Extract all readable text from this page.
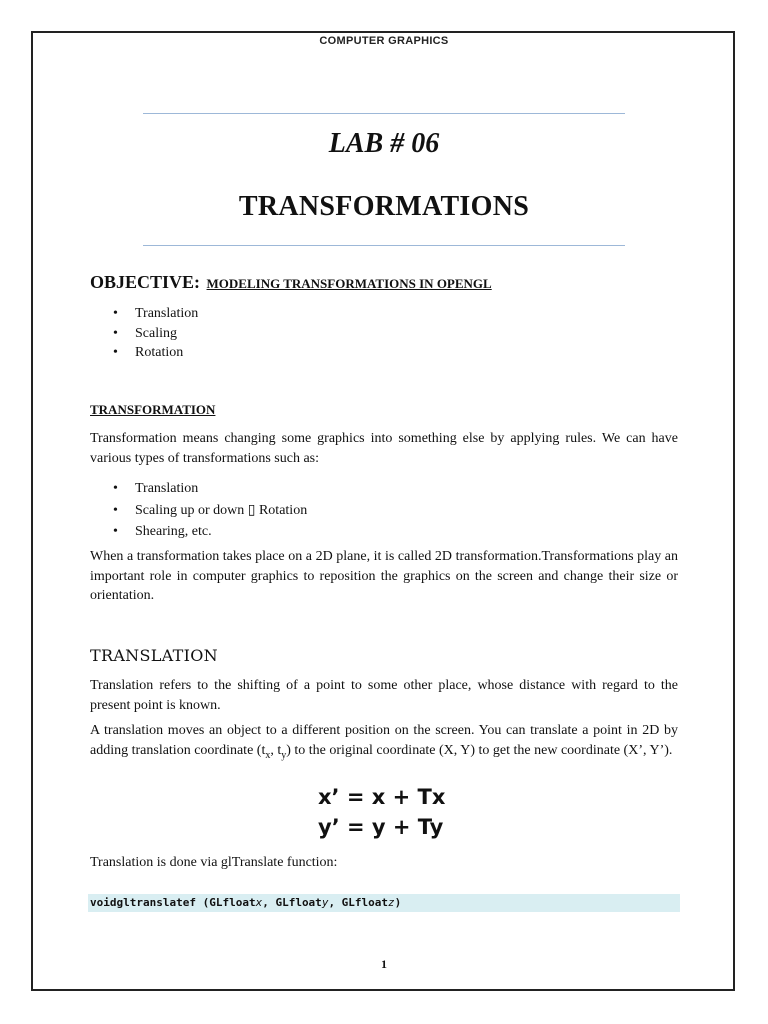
COMPUTER GRAPHICS
LAB # 06
TRANSFORMATIONS
OBJECTIVE: MODELING TRANSFORMATIONS IN OPENGL
• Translation
• Scaling
• Rotation
TRANSFORMATION

Transformation means changing some graphics into something else by applying rules. We can have various types of transformations such as:

• Translation
• Scaling up or down ▯ Rotation
• Shearing, etc.

When a transformation takes place on a 2D plane, it is called 2D transformation.Transformations play an important role in computer graphics to reposition the graphics on the screen and change their size or orientation.

TRANSLATION

Translation refers to the shifting of a point to some other place, whose distance with regard to the present point is known.

A translation moves an object to a different position on the screen. You can translate a point in 2D by adding translation coordinate ($t_x$, $t_y$) to the original coordinate (X, Y) to get the new coordinate (X’, Y’).

x’ = x + Tx
y’ = y + Ty

Translation is done via glTranslate function:

voidgltranslatef (GLfloatx, GLfloaty, GLfloatz)
1
